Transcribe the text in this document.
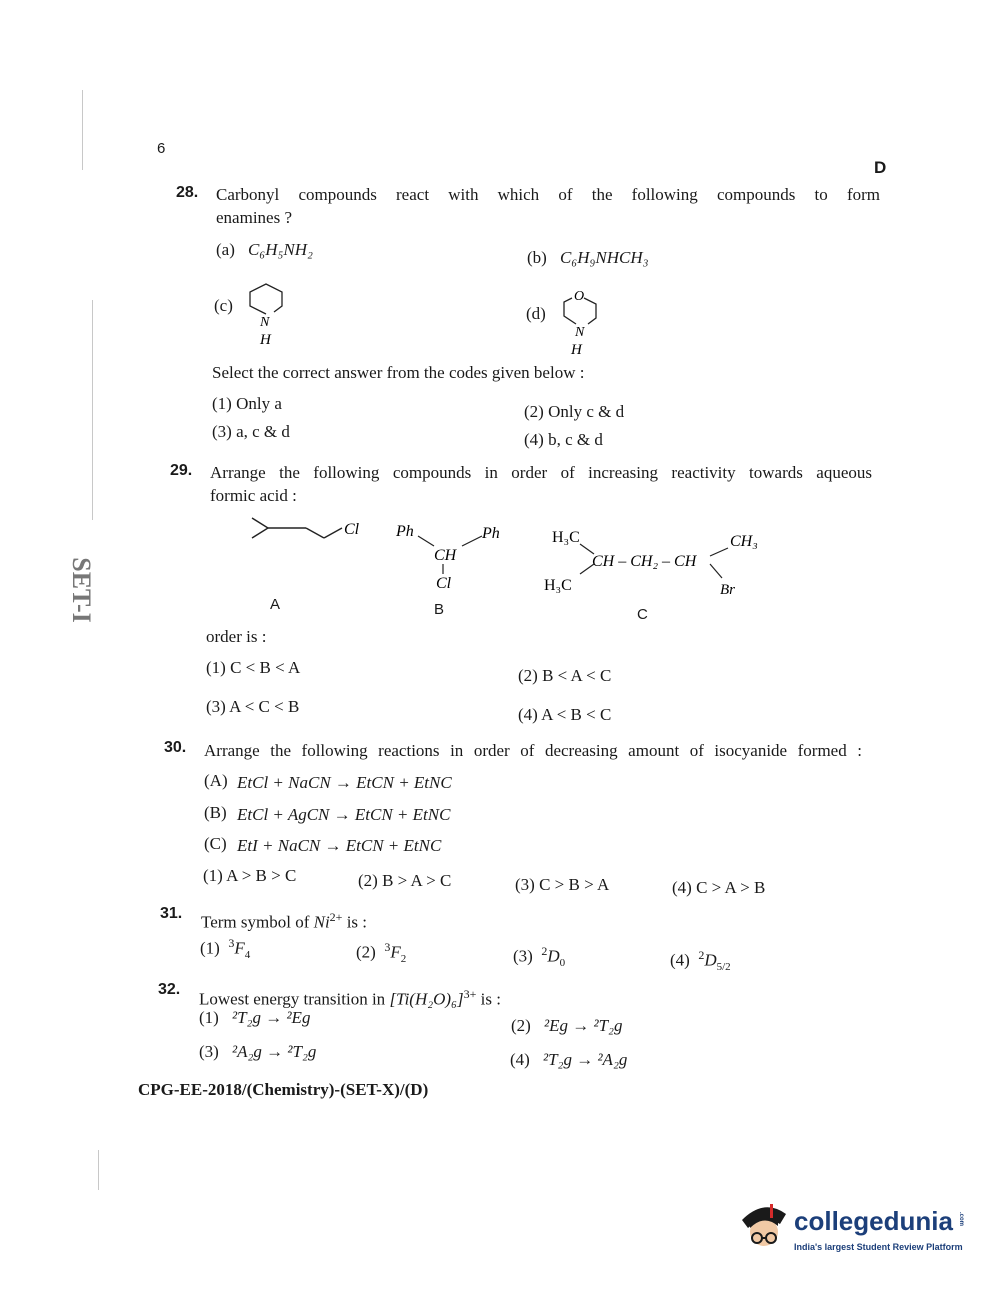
SET-I
6
D
28. Carbonyl compounds react with which of the following compounds to form
enamines ?
(a) C₆H₅NH₂	(b) C₆H₉NHCH₃
(c)
N
H
(d)
O
N
H
Select the correct answer from the codes given below :
(1) Only a	(2) Only c & d
(3) a, c & d	(4) b, c & d
29. Arrange the following compounds in order of increasing reactivity towards aqueous
formic acid :
Cl
A
Ph	Ph
CH
Cl
B
H₃C
CH – CH₂ – CH
H₃C
CH₃
Br
C
order is :
(1) C < B < A	(2) B < A < C
(3) A < C < B	(4) A < B < C
30. Arrange the following reactions in order of decreasing amount of isocyanide formed :
(A) EtCl + NaCN → EtCN + EtNC
(B) EtCl + AgCN → EtCN + EtNC
(C) EtI + NaCN → EtCN + EtNC
(1) A > B > C	(2) B > A > C	(3) C > B > A	(4) C > A > B
31. Term symbol of $Ni^{2+}$ is :
(1) $^3F_4$	(2) $^3F_2$	(3) $^2D_0$	(4) $^2D_{5/2}$
32.
Lowest energy transition in $[Ti(H_2O)_6]^{3+}$ is :
(1) ²T₂g → ²Eg	(2) ²Eg → ²T₂g
(3) ²A₂g → ²T₂g	(4) ²T₂g → ²A₂g
CPG-EE-2018/(Chemistry)-(SET-X)/(D)
collegedunia .com
India's largest Student Review Platform
